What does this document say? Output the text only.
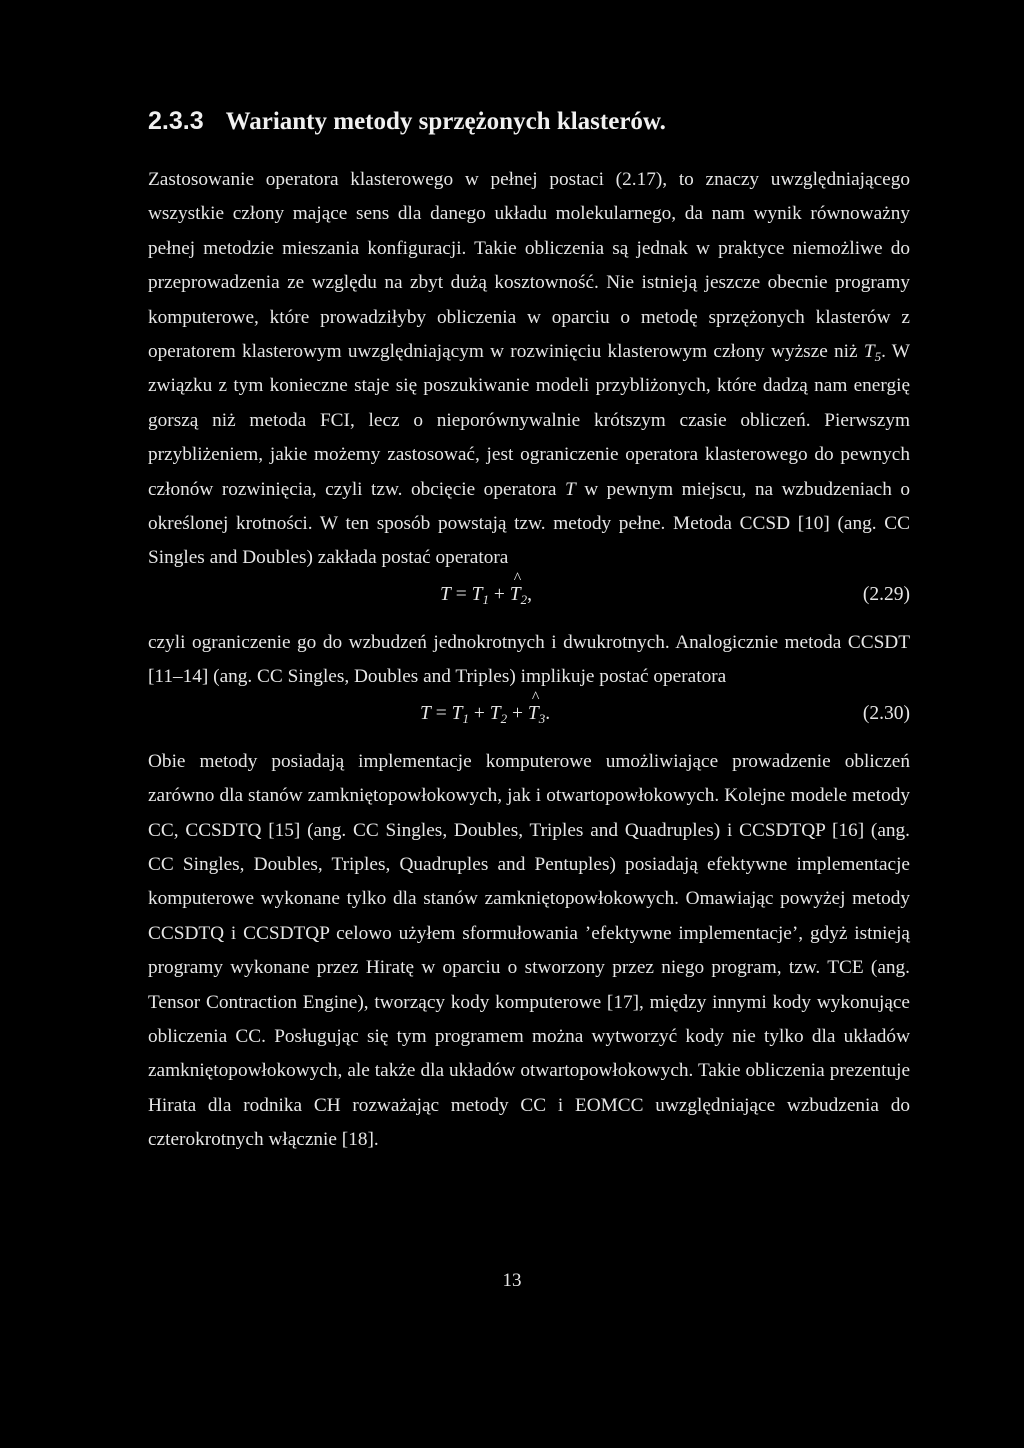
2.3.3 Warianty metody sprzężonych klasterów.

Zastosowanie operatora klasterowego w pełnej postaci (2.17), to znaczy uwzględniającego wszystkie człony mające sens dla danego układu molekularnego, da nam wynik równoważny pełnej metodzie mieszania konfiguracji. Takie obliczenia są jednak w praktyce niemożliwe do przeprowadzenia ze względu na zbyt dużą kosztowność. Nie istnieją jeszcze obecnie programy komputerowe, które prowadziłyby obliczenia w oparciu o metodę sprzężonych klasterów z operatorem klasterowym uwzględniającym w rozwinięciu klasterowym człony wyższe niż $T_5$. W związku z tym konieczne staje się poszukiwanie modeli przybliżonych, które dadzą nam energię gorszą niż metoda FCI, lecz o nieporównywalnie krótszym czasie obliczeń. Pierwszym przybliżeniem, jakie możemy zastosować, jest ograniczenie operatora klasterowego do pewnych członów rozwinięcia, czyli tzw. obcięcie operatora T w pewnym miejscu, na wzbudzeniach o określonej krotności. W ten sposób powstają tzw. metody pełne. Metoda CCSD [10] (ang. CC Singles and Doubles) zakłada postać operatora

$T = T_1$ + ^ $T_2$,	(2.29)

czyli ograniczenie go do wzbudzeń jednokrotnych i dwukrotnych. Analogicznie metoda CCSDT [11–14] (ang. CC Singles, Doubles and Triples) implikuje postać operatora

$T = T_1 + T_2$ + ^ $T_3$.	(2.30)

Obie metody posiadają implementacje komputerowe umożliwiające prowadzenie obliczeń zarówno dla stanów zamkniętopowłokowych, jak i otwartopowłokowych. Kolejne modele metody CC, CCSDTQ [15] (ang. CC Singles, Doubles, Triples and Quadruples) i CCSDTQP [16] (ang. CC Singles, Doubles, Triples, Quadruples and Pentuples) posiadają efektywne implementacje komputerowe wykonane tylko dla stanów zamkniętopowłokowych. Omawiając powyżej metody CCSDTQ i CCSDTQP celowo użyłem sformułowania ’efektywne implementacje’, gdyż istnieją programy wykonane przez Hiratę w oparciu o stworzony przez niego program, tzw. TCE (ang. Tensor Contraction Engine), tworzący kody komputerowe [17], między innymi kody wykonujące obliczenia CC. Posługując się tym programem można wytworzyć kody nie tylko dla układów zamkniętopowłokowych, ale także dla układów otwartopowłokowych. Takie obliczenia prezentuje Hirata dla rodnika CH rozważając metody CC i EOMCC uwzględniające wzbudzenia do czterokrotnych włącznie [18].

13
